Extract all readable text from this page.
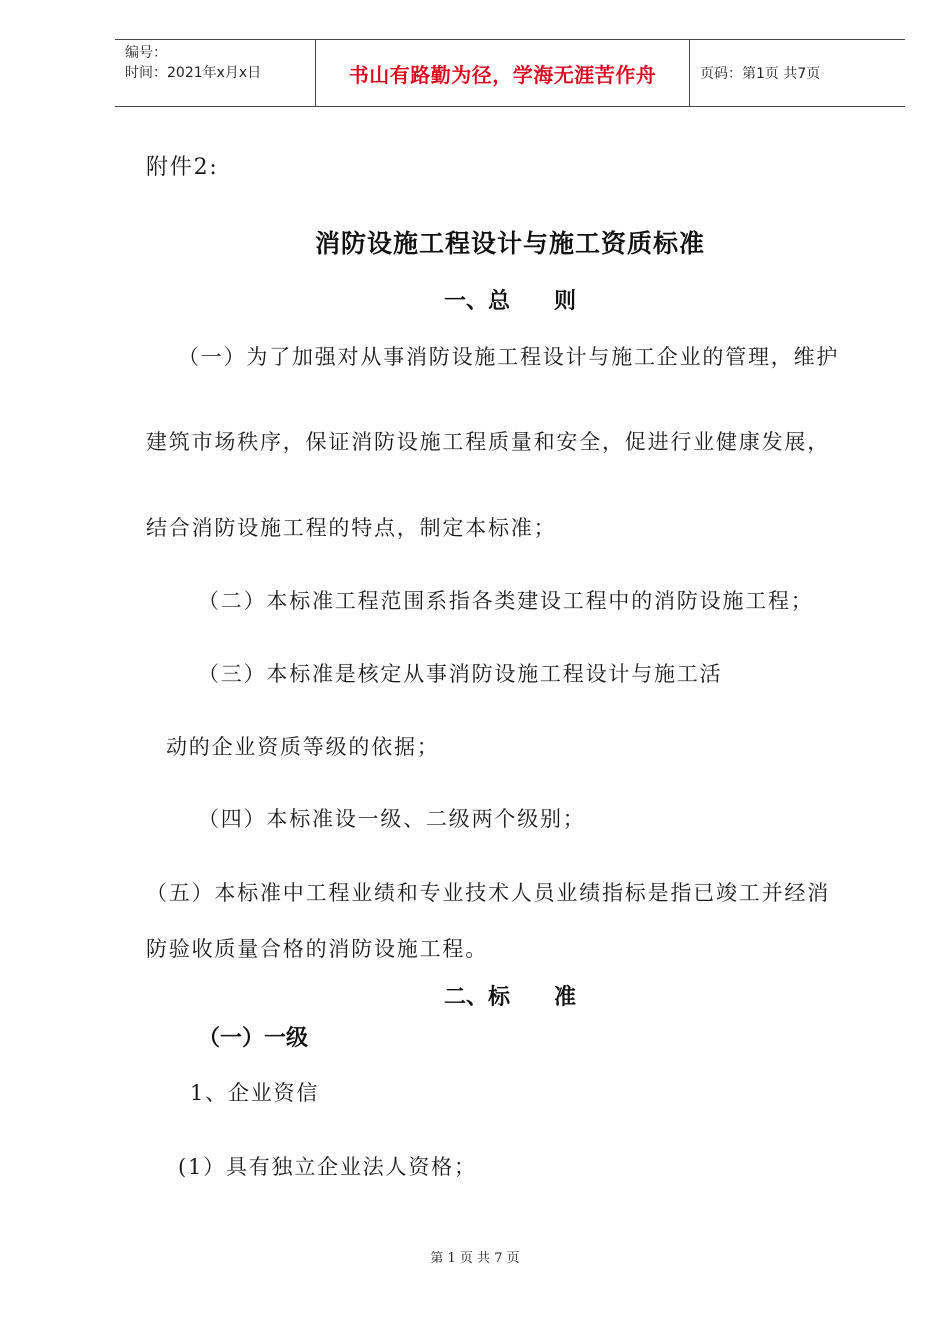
编号：
时间：2021年x月x日	书山有路勤为径，学海无涯苦作舟	页码：第1页 共7页
附件2:
消防设施工程设计与施工资质标准
一、总　　则
（一）为了加强对从事消防设施工程设计与施工企业的管理，维护
建筑市场秩序，保证消防设施工程质量和安全，促进行业健康发展，
结合消防设施工程的特点，制定本标准；
（二）本标准工程范围系指各类建设工程中的消防设施工程；
（三）本标准是核定从事消防设施工程设计与施工活
动的企业资质等级的依据；
（四）本标准设一级、二级两个级别；
（五）本标准中工程业绩和专业技术人员业绩指标是指已竣工并经消
防验收质量合格的消防设施工程。
二、标　　准
（一）一级
1、企业资信
(1）具有独立企业法人资格；
第 1 页 共 7 页
